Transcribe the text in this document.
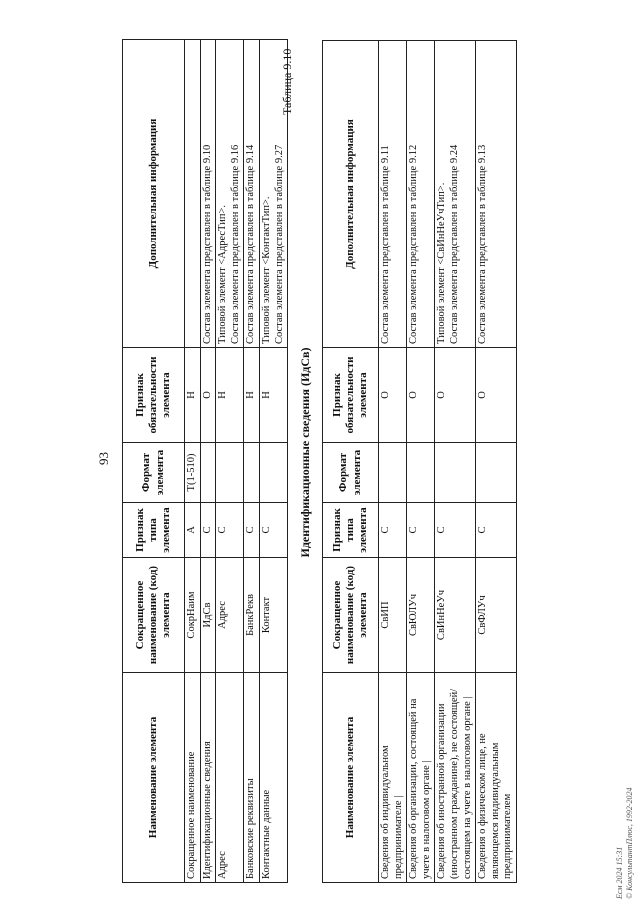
93
Наименование элемента	Сокращенное наименование (код) элемента	Признак типа элемента	Формат элемента	Признак обязательности элемента	Дополнительная информация
Сокращенное наименование	СокрНаим	А	T(1-510)	Н	
Идентификационные сведения	ИдСв	С		О	Состав элемента представлен в таблице 9.10
Адрес	Адрес	С		Н	Типовой элемент <АдресТип>.
Состав элемента представлен в таблице 9.16
Банковские реквизиты	БанкРекв	С		Н	Состав элемента представлен в таблице 9.14
Контактные данные	Контакт	С		Н	Типовой элемент <КонтактТип>.
Состав элемента представлен в таблице 9.27
Таблица 9.10
Идентификационные сведения (ИдСв)
Наименование элемента	Сокращенное наименование (код) элемента	Признак типа элемента	Формат элемента	Признак обязательности элемента	Дополнительная информация
Сведения об индивидуальном предпринимателе |	СвИП	С		О	Состав элемента представлен в таблице 9.11
Сведения об организации, состоящей на учете в налоговом органе |	СвЮЛУч	С		О	Состав элемента представлен в таблице 9.12
Сведения об иностранной организации (иностранном гражданине), не состоящей/состоящем на учете в налоговом органе |	СвИнНеУч	С		О	Типовой элемент <СвИнНеУчТип>.
Состав элемента представлен в таблице 9.24
Сведения о физическом лице, не являющемся индивидуальным предпринимателем	СвФЛУч	С		О	Состав элемента представлен в таблице 9.13
Есм 2024 15:31 © КонсультантПлюс, 1992-2024
